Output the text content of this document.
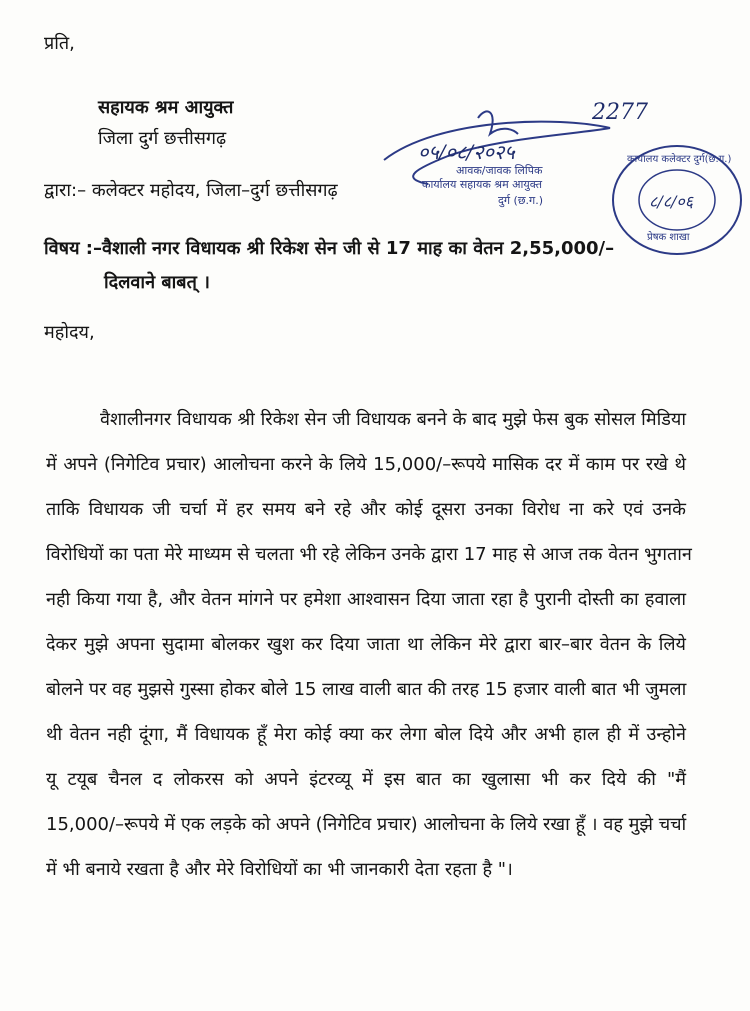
प्रति,
सहायक श्रम आयुक्त
जिला दुर्ग छत्तीसगढ़
द्वारा:– कलेक्टर महोदय, जिला–दुर्ग छत्तीसगढ़
विषय :–वैशाली नगर विधायक श्री रिकेश सेन जी से 17 माह का वेतन 2,55,000/–
दिलवाने बाबत् ।
महोदय,
वैशालीनगर विधायक श्री रिकेश सेन जी विधायक बनने के बाद मुझे फेस बुक सोसल मिडिया
में अपने (निगेटिव प्रचार) आलोचना करने के लिये 15,000/–रूपये मासिक दर में काम पर रखे थे
ताकि विधायक जी चर्चा में हर समय बने रहे और कोई दूसरा उनका विरोध ना करे एवं उनके
विरोधियों का पता मेरे माध्यम से चलता भी रहे लेकिन उनके द्वारा 17 माह से आज तक वेतन भुगतान
नही किया गया है, और वेतन मांगने पर हमेशा आश्वासन दिया जाता रहा है पुरानी दोस्ती का हवाला
देकर मुझे अपना सुदामा बोलकर खुश कर दिया जाता था लेकिन मेरे द्वारा बार–बार वेतन के लिये
बोलने पर वह मुझसे गुस्सा होकर बोले 15 लाख वाली बात की तरह 15 हजार वाली बात भी जुमला
थी वेतन नही दूंगा, मैं विधायक हूँ मेरा कोई क्या कर लेगा बोल दिये और अभी हाल ही में उन्होने
यू टयूब चैनल द लोकरस को अपने इंटरव्यू में इस बात का खुलासा भी कर दिये की "मैं
15,000/–रूपये में एक लड़के को अपने (निगेटिव प्रचार) आलोचना के लिये रखा हूँ । वह मुझे चर्चा
में भी बनाये रखता है और मेरे विरोधियों का भी जानकारी देता रहता है "।
०५/०८/२०२५
2277
आवक/जावक लिपिक
कार्यालय सहायक श्रम आयुक्त
दुर्ग (छ.ग.)
कार्यालय कलेक्टर दुर्ग(छ.ग.)
८/८/०६
प्रेषक शाखा
